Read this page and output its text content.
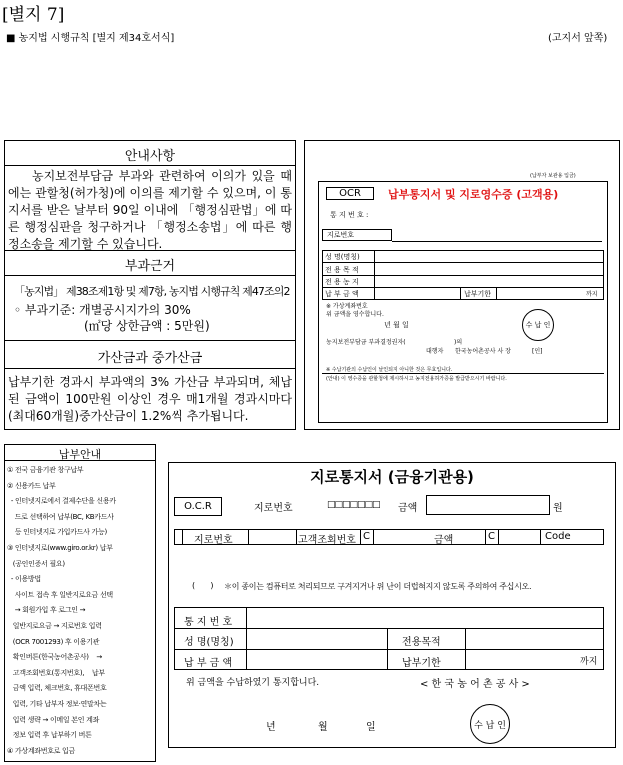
[별지 7]
■ 농지법 시행규칙 [별지 제34호서식]	(고지서 앞쪽)
안내사항
농지보전부담금 부과와 관련하여 이의가 있을 때에는 관할청(허가청)에 이의를 제기할 수 있으며, 이 통지서를 받은 날부터 90일 이내에 「행정심판법」에 따른 행정심판을 청구하거나 「행정소송법」에 따른 행정소송을 제기할 수 있습니다.
부과근거
「농지법」 제38조제1항 및 제7항, 농지법 시행규칙 제47조의2
◦ 부과기준: 개별공시지가의 30%
(㎡당 상한금액 : 5만원)
가산금과 중가산금
납부기한 경과시 부과액의 3% 가산금 부과되며, 체납된 금액이 100만원 이상인 경우 매1개월 경과시마다(최대60개월)중가산금이 1.2%씩 추가됩니다.
(납부자 보관용 입금)
OCR	납부통지서 및 지로영수증 (고객용)
통 지 번 호 :
지로번호
성 명(명칭)
전 용 목 적
전 용 농 지
납 부 금 액	납부기한	까지
※ 가상계좌번호
위 금액을 영수합니다.
년 월 일	수 납 인
농지보전부담금 부과결정권자(	)의
대행자 한국농어촌공사 사 장	[인]
※ 수납기관의 수납인이 날인되지 아니한 것은 무효입니다.
(안내) 이 영수증을 관할청에 제시하시고 농지전용허가증을 발급받으시기 바랍니다.
납부안내
① 전국 금융기관 창구납부
② 신용카드 납부
- 인터넷지로에서 결제수단을 신용카
드로 선택하여 납부(BC, KB카드사
등 인터넷지로 가입카드사 가능)
③ 인터넷지로(www.giro.or.kr) 납부
(공인인증서 필요)
- 이용방법
사이트 접속 후 일반지로요금 선택
→ 회원가입 후 로그인 →
일반지로요금 → 지로번호 입력
(OCR 7001293) 후 이용기관
확인버튼(한국농어촌공사)    →
고객조회번호(통지번호),    납부
금액 입력, 체크번호, 휴대폰번호
입력, 기타 납부자 정보·연말차는
입력 생략 → 이메일 본인 계좌
정보 입력 후 납부하기 버튼
④ 가상계좌번호로 입금
지로통지서 (금융기관용)
O.C.R	지로번호	□□□□□□□ 금액	원
지로번호	고객조회번호 C	금액	C	Code
(      ) ＊이 종이는 컴퓨터로 처리되므로 구겨지거나 위 난이 더럽혀지지 않도록 주의하여 주십시오.
통 지 번 호
성 명(명칭)	전용목적
납 부 금 액	납부기한	까지
위 금액을 수납하였기 통지합니다.	< 한 국 농 어 촌 공 사 >
년	월	일	수 납 인
